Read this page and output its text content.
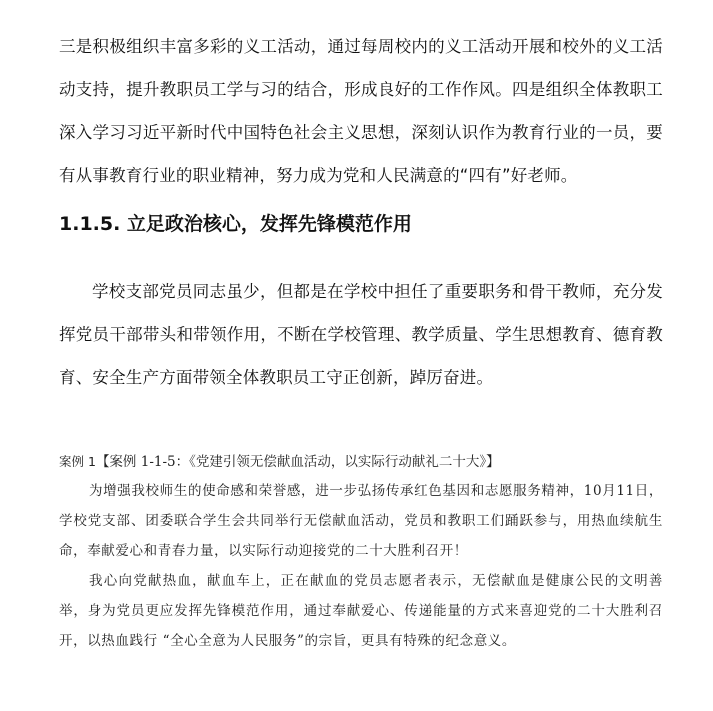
三是积极组织丰富多彩的义工活动，通过每周校内的义工活动开展和校外的义工活动支持，提升教职员工学与习的结合，形成良好的工作作风。四是组织全体教职工深入学习习近平新时代中国特色社会主义思想，深刻认识作为教育行业的一员，要有从事教育行业的职业精神，努力成为党和人民满意的“四有”好老师。

1.1.5. 立足政治核心，发挥先锋模范作用

学校支部党员同志虽少，但都是在学校中担任了重要职务和骨干教师，充分发挥党员干部带头和带领作用，不断在学校管理、教学质量、学生思想教育、德育教育、安全生产方面带领全体教职员工守正创新，踔厉奋进。

案例 1【案例 1-1-5：《党建引领无偿献血活动，以实际行动献礼二十大》】

为增强我校师生的使命感和荣誉感，进一步弘扬传承红色基因和志愿服务精神，10月11日，学校党支部、团委联合学生会共同举行无偿献血活动，党员和教职工们踊跃参与，用热血续航生命，奉献爱心和青春力量，以实际行动迎接党的二十大胜利召开！

我心向党献热血，献血车上，正在献血的党员志愿者表示，无偿献血是健康公民的文明善举，身为党员更应发挥先锋模范作用，通过奉献爱心、传递能量的方式来喜迎党的二十大胜利召开，以热血践行 “全心全意为人民服务”的宗旨，更具有特殊的纪念意义。
